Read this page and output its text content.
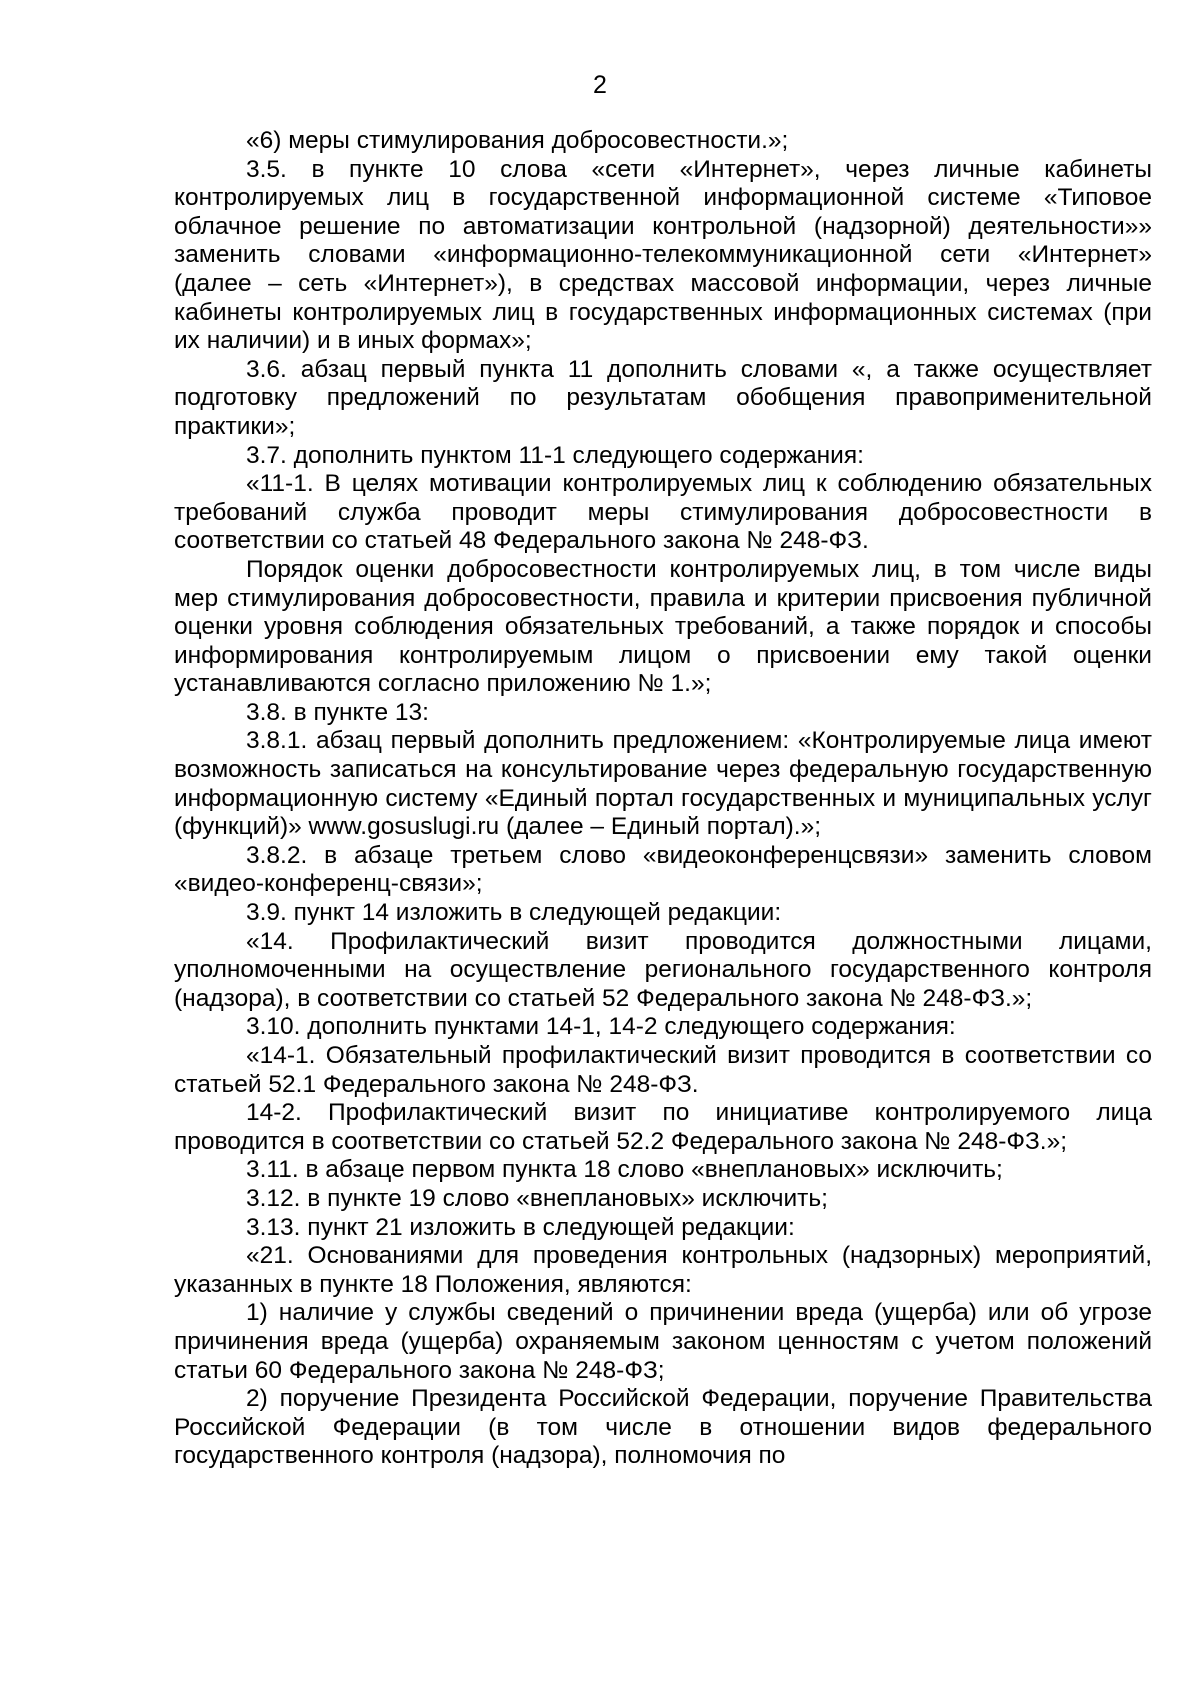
2

«6) меры стимулирования добросовестности.»;

3.5. в пункте 10 слова «сети «Интернет», через личные кабинеты контролируемых лиц в государственной информационной системе «Типовое облачное решение по автоматизации контрольной (надзорной) деятельности»» заменить словами «информационно-телекоммуникационной сети «Интернет» (далее – сеть «Интернет»), в средствах массовой информации, через личные кабинеты контролируемых лиц в государственных информационных системах (при их наличии) и в иных формах»;

3.6. абзац первый пункта 11 дополнить словами «, а также осуществляет подготовку предложений по результатам обобщения правоприменительной практики»;

3.7. дополнить пунктом 11-1 следующего содержания:

«11-1. В целях мотивации контролируемых лиц к соблюдению обязательных требований служба проводит меры стимулирования добросовестности в соответствии со статьей 48 Федерального закона № 248-ФЗ.

Порядок оценки добросовестности контролируемых лиц, в том числе виды мер стимулирования добросовестности, правила и критерии присвоения публичной оценки уровня соблюдения обязательных требований, а также порядок и способы информирования контролируемым лицом о присвоении ему такой оценки устанавливаются согласно приложению № 1.»;

3.8. в пункте 13:

3.8.1. абзац первый дополнить предложением: «Контролируемые лица имеют возможность записаться на консультирование через федеральную государственную информационную систему «Единый портал государственных и муниципальных услуг (функций)» www.gosuslugi.ru (далее – Единый портал).»;

3.8.2. в абзаце третьем слово «видеоконференцсвязи» заменить словом «видео-конференц-связи»;

3.9. пункт 14 изложить в следующей редакции:

«14. Профилактический визит проводится должностными лицами, уполномоченными на осуществление регионального государственного контроля (надзора), в соответствии со статьей 52 Федерального закона № 248-ФЗ.»;

3.10. дополнить пунктами 14-1, 14-2 следующего содержания:

«14-1. Обязательный профилактический визит проводится в соответствии со статьей 52.1 Федерального закона № 248-ФЗ.

14-2. Профилактический визит по инициативе контролируемого лица проводится в соответствии со статьей 52.2 Федерального закона № 248-ФЗ.»;

3.11. в абзаце первом пункта 18 слово «внеплановых» исключить;

3.12. в пункте 19 слово «внеплановых» исключить;

3.13. пункт 21 изложить в следующей редакции:

«21. Основаниями для проведения контрольных (надзорных) мероприятий, указанных в пункте 18 Положения, являются:

1) наличие у службы сведений о причинении вреда (ущерба) или об угрозе причинения вреда (ущерба) охраняемым законом ценностям с учетом положений статьи 60 Федерального закона № 248-ФЗ;

2) поручение Президента Российской Федерации, поручение Правительства Российской Федерации (в том числе в отношении видов федерального государственного контроля (надзора), полномочия по
